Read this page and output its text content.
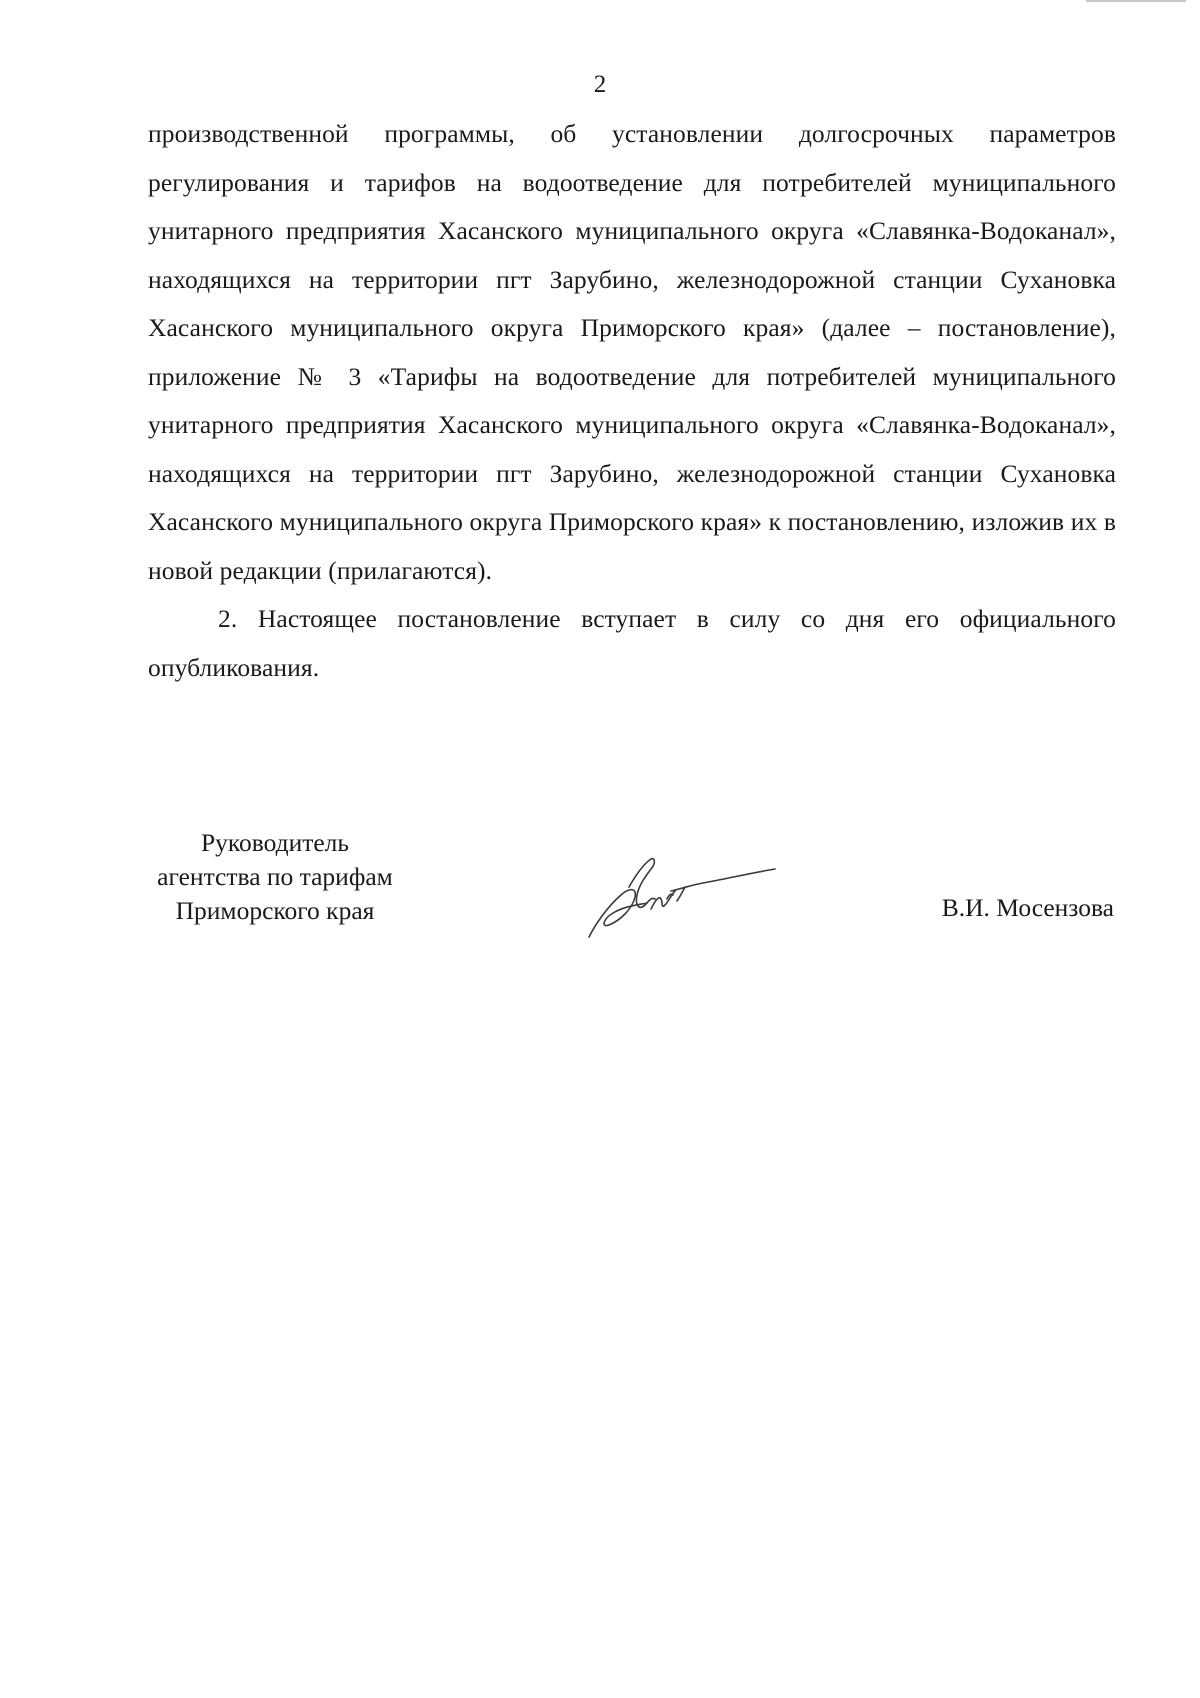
2

производственной программы, об установлении долгосрочных параметров регулирования и тарифов на водоотведение для потребителей муниципального унитарного предприятия Хасанского муниципального округа «Славянка-Водоканал», находящихся на территории пгт Зарубино, железнодорожной станции Сухановка Хасанского муниципального округа Приморского края» (далее – постановление), приложение № 3 «Тарифы на водоотведение для потребителей муниципального унитарного предприятия Хасанского муниципального округа «Славянка-Водоканал», находящихся на территории пгт Зарубино, железнодорожной станции Сухановка Хасанского муниципального округа Приморского края» к постановлению, изложив их в новой редакции (прилагаются).

2. Настоящее постановление вступает в силу со дня его официального опубликования.

Руководитель
агентства по тарифам
Приморского края	В.И. Мосензова
